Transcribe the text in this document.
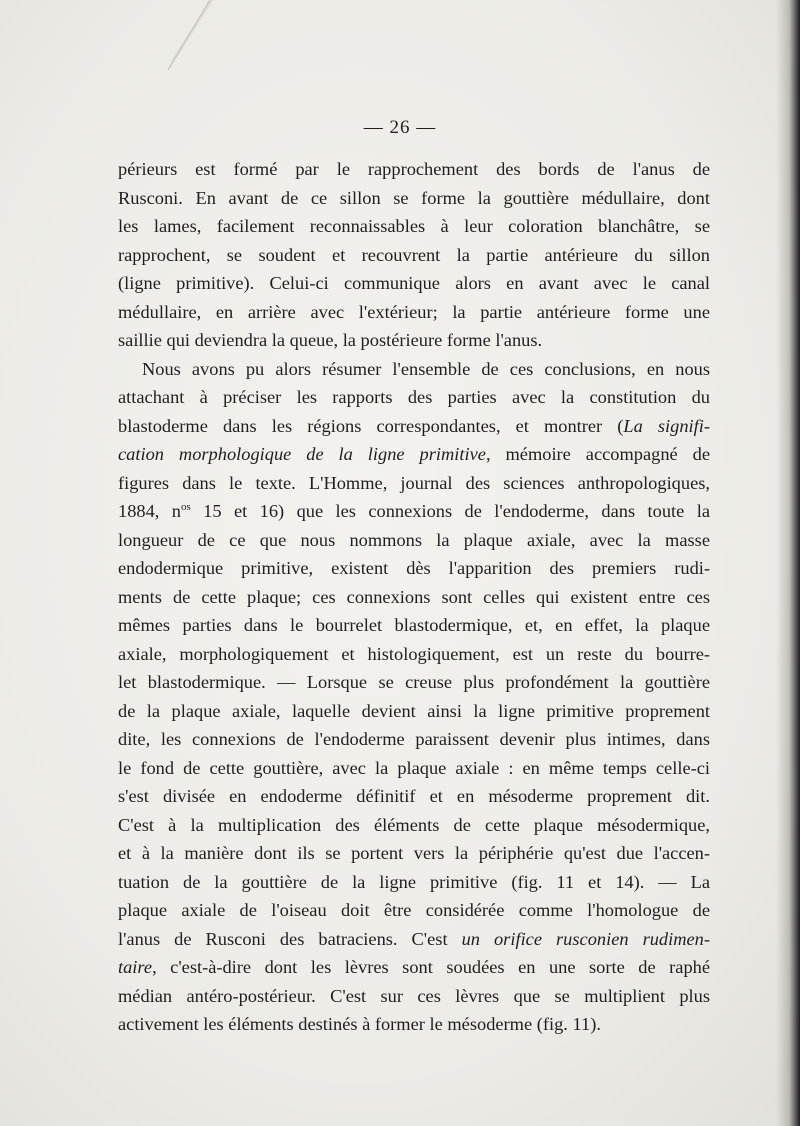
— 26 —
périeurs est formé par le rapprochement des bords de l'anus de
Rusconi. En avant de ce sillon se forme la gouttière médullaire, dont
les lames, facilement reconnaissables à leur coloration blanchâtre, se
rapprochent, se soudent et recouvrent la partie antérieure du sillon
(ligne primitive). Celui-ci communique alors en avant avec le canal
médullaire, en arrière avec l'extérieur; la partie antérieure forme une
saillie qui deviendra la queue, la postérieure forme l'anus.
Nous avons pu alors résumer l'ensemble de ces conclusions, en nous
attachant à préciser les rapports des parties avec la constitution du
blastoderme dans les régions correspondantes, et montrer (La signifi-
cation morphologique de la ligne primitive, mémoire accompagné de
figures dans le texte. L'Homme, journal des sciences anthropologiques,
1884, $n^{os}$ 15 et 16) que les connexions de l'endoderme, dans toute la
longueur de ce que nous nommons la plaque axiale, avec la masse
endodermique primitive, existent dès l'apparition des premiers rudi-
ments de cette plaque; ces connexions sont celles qui existent entre ces
mêmes parties dans le bourrelet blastodermique, et, en effet, la plaque
axiale, morphologiquement et histologiquement, est un reste du bourre-
let blastodermique. — Lorsque se creuse plus profondément la gouttière
de la plaque axiale, laquelle devient ainsi la ligne primitive proprement
dite, les connexions de l'endoderme paraissent devenir plus intimes, dans
le fond de cette gouttière, avec la plaque axiale : en même temps celle-ci
s'est divisée en endoderme définitif et en mésoderme proprement dit.
C'est à la multiplication des éléments de cette plaque mésodermique,
et à la manière dont ils se portent vers la périphérie qu'est due l'accen-
tuation de la gouttière de la ligne primitive (fig. 11 et 14). — La
plaque axiale de l'oiseau doit être considérée comme l'homologue de
l'anus de Rusconi des batraciens. C'est un orifice rusconien rudimen-
taire, c'est-à-dire dont les lèvres sont soudées en une sorte de raphé
médian antéro-postérieur. C'est sur ces lèvres que se multiplient plus
activement les éléments destinés à former le mésoderme (fig. 11).
